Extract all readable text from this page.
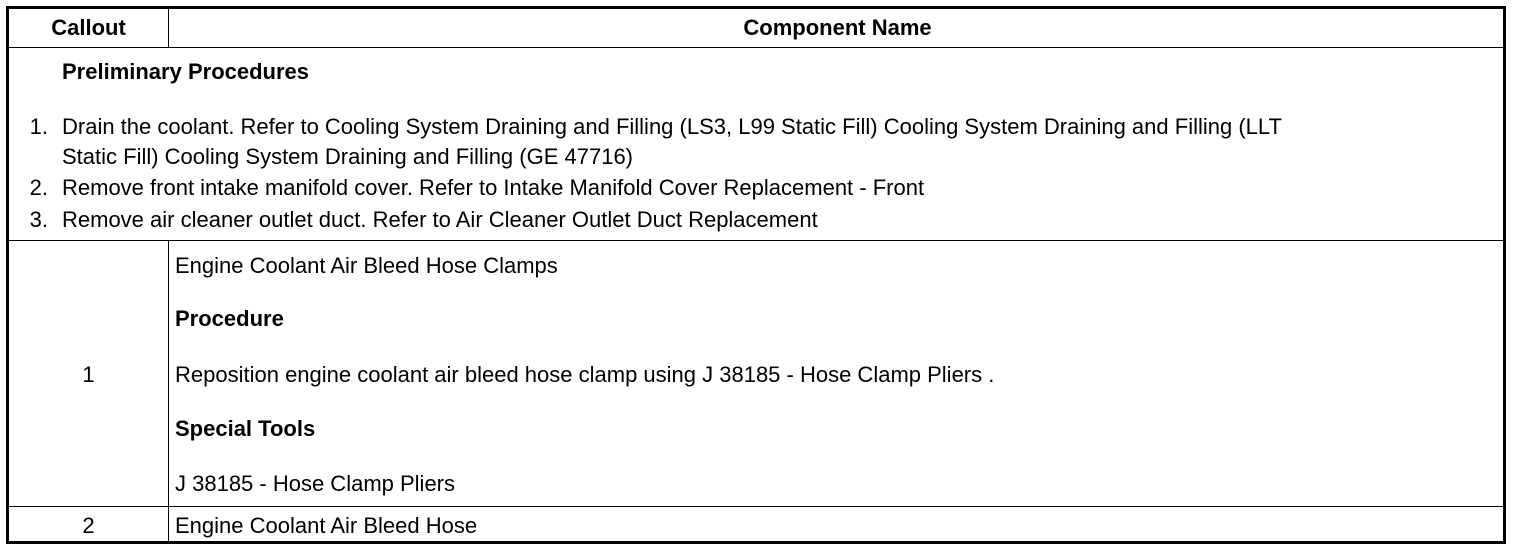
Callout	Component Name
Preliminary Procedures
1. Drain the coolant. Refer to Cooling System Draining and Filling (LS3, L99 Static Fill) Cooling System Draining and Filling (LLT
Static Fill) Cooling System Draining and Filling (GE 47716)
2. Remove front intake manifold cover. Refer to Intake Manifold Cover Replacement - Front
3. Remove air cleaner outlet duct. Refer to Air Cleaner Outlet Duct Replacement
1
Engine Coolant Air Bleed Hose Clamps
Procedure
Reposition engine coolant air bleed hose clamp using J 38185 - Hose Clamp Pliers .
Special Tools
J 38185 - Hose Clamp Pliers
2	Engine Coolant Air Bleed Hose
